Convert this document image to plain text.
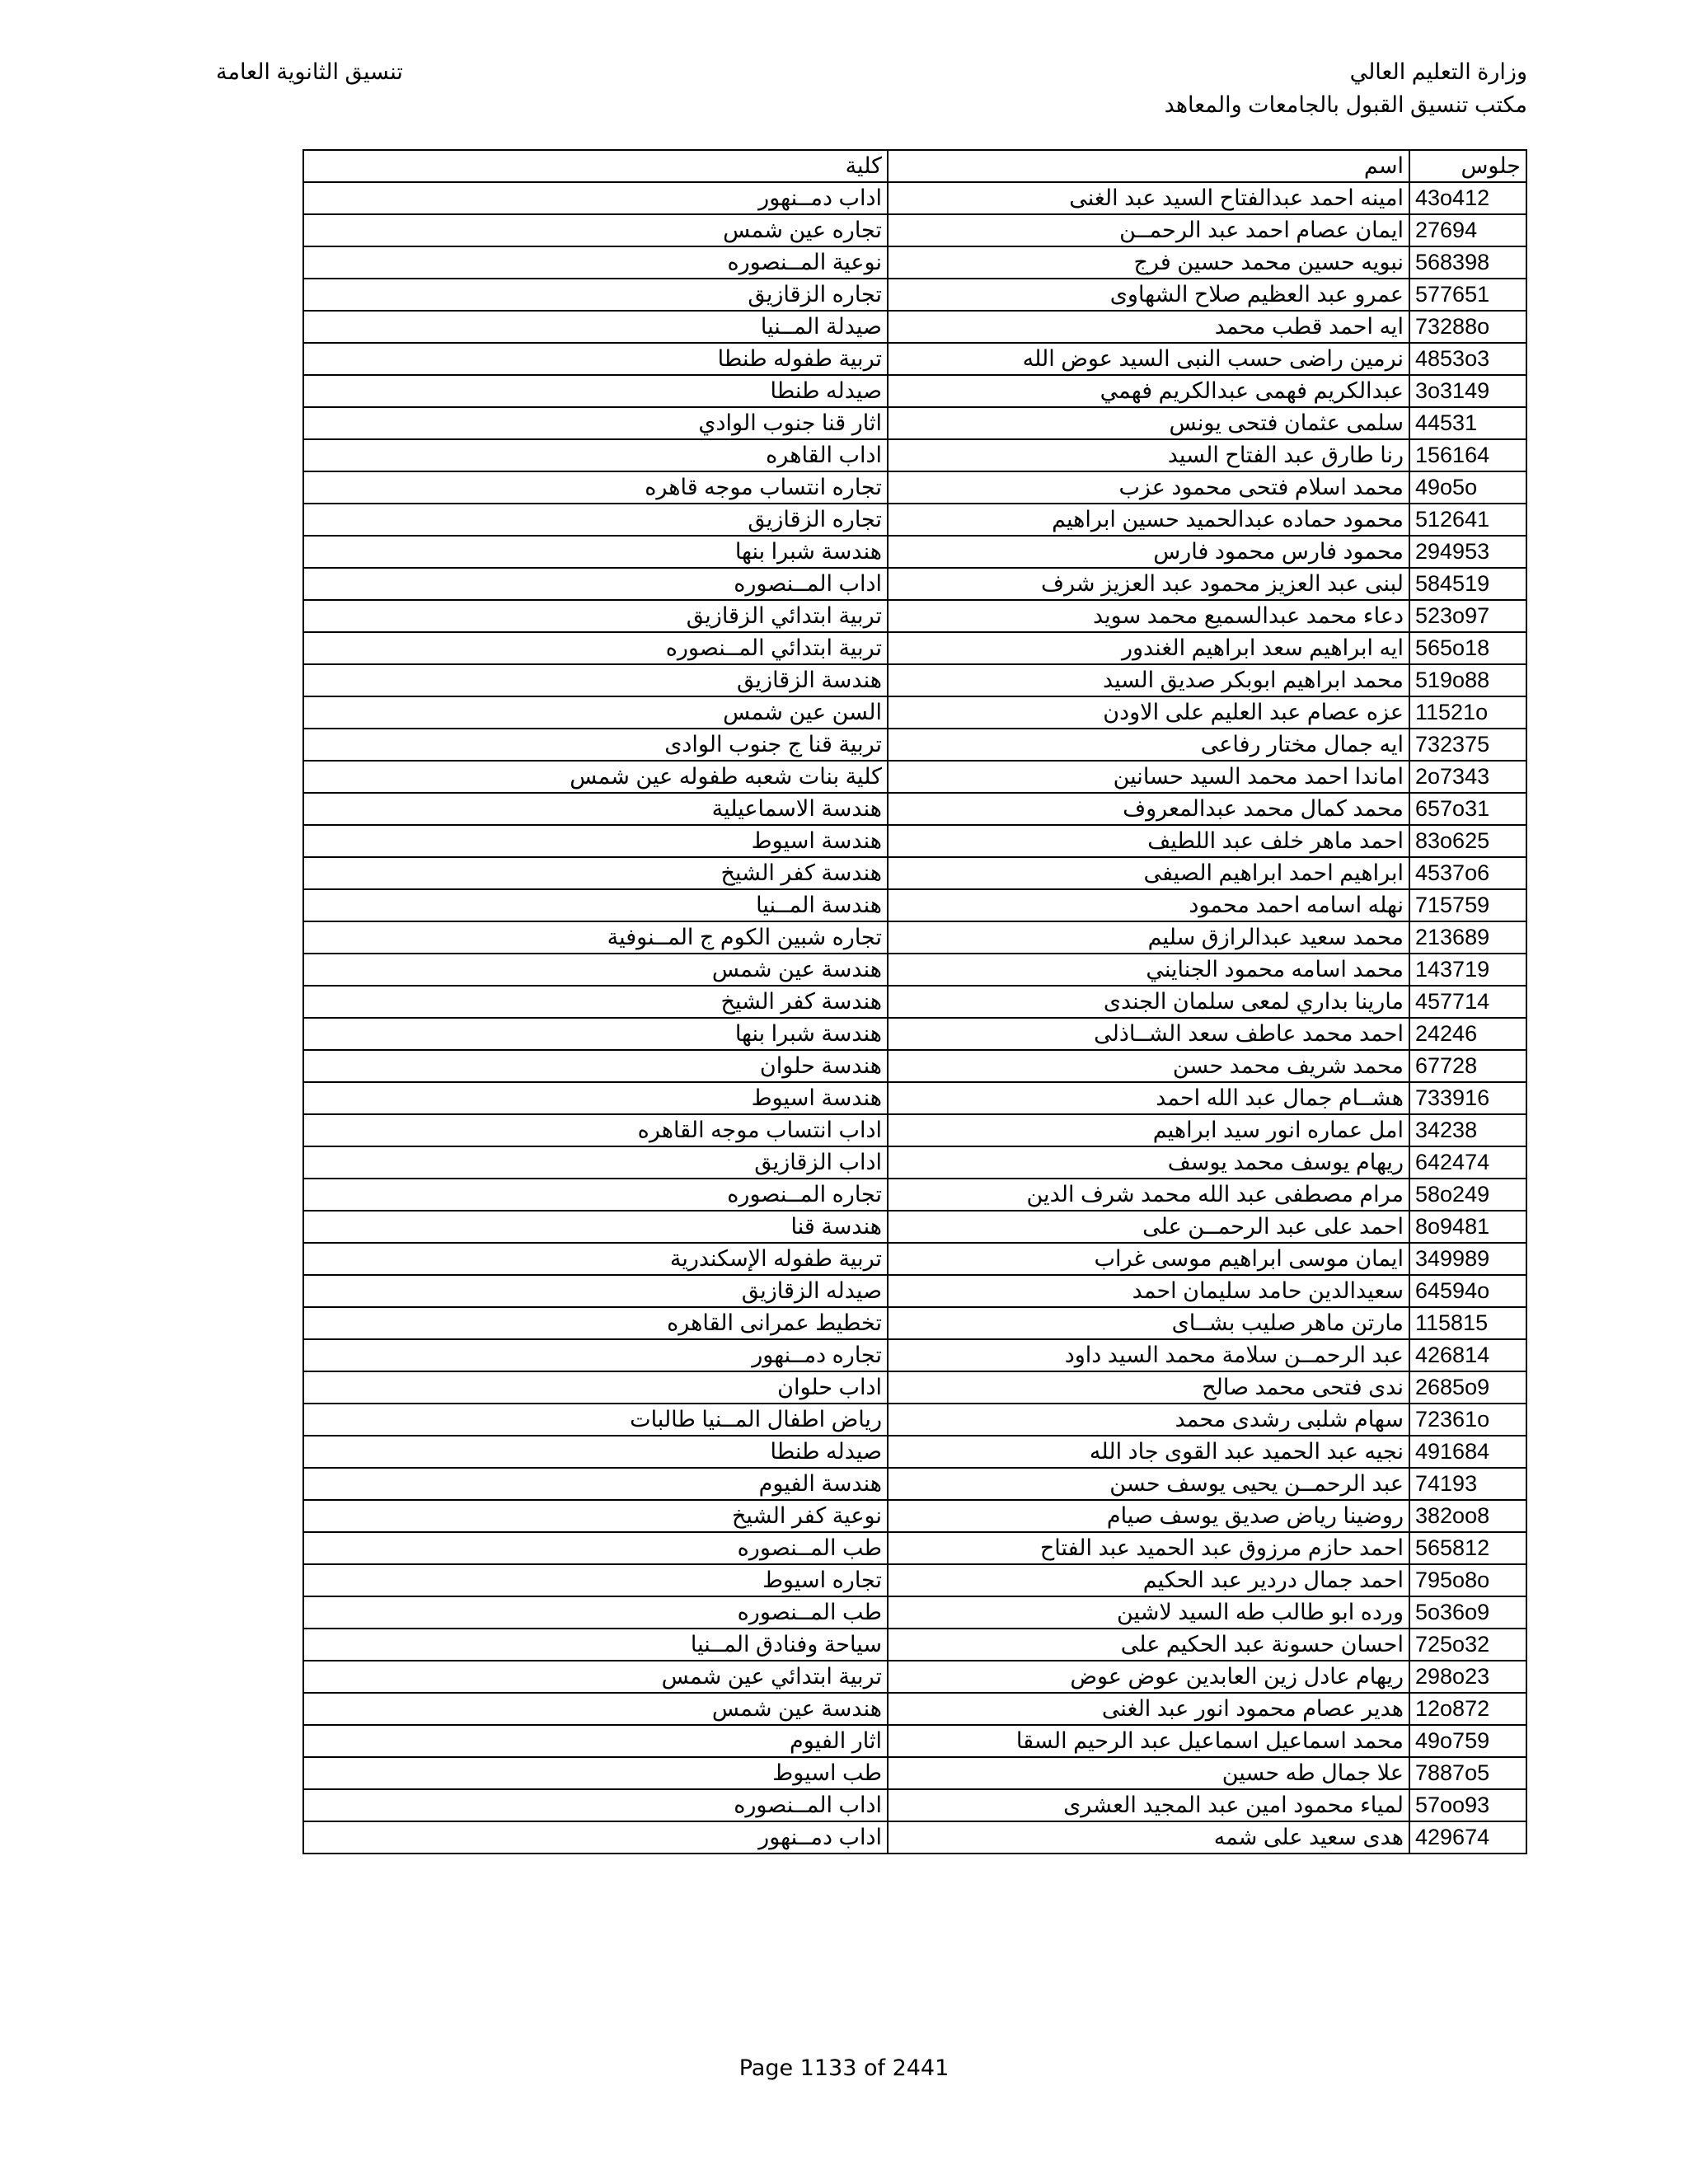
وزارة التعليم العالي
مكتب تنسيق القبول بالجامعات والمعاهد
تنسيق الثانوية العامة
كلية	اسم	جلوس
اداب دمــنهور	امينه احمد عبدالفتاح السيد عبد الغنى	43o412
تجاره عين شمس	ايمان عصام احمد عبد الرحمــن	27694
نوعية المــنصوره	نبويه حسين محمد حسين فرج	568398
تجاره الزقازيق	عمرو عبد العظيم صلاح الشهاوى	577651
صيدلة المــنيا	ايه احمد قطب محمد	73288o
تربية طفوله طنطا	نرمين راضى حسب النبى السيد عوض الله	4853o3
صيدله طنطا	عبدالكريم فهمى عبدالكريم فهمي	3o3149
اثار قنا جنوب الوادي	سلمى عثمان فتحى يونس	44531
اداب القاهره	رنا طارق عبد الفتاح السيد	156164
تجاره انتساب موجه قاهره	محمد اسلام فتحى محمود عزب	49o5o
تجاره الزقازيق	محمود حماده عبدالحميد حسين ابراهيم	512641
هندسة شبرا بنها	محمود فارس محمود فارس	294953
اداب المــنصوره	لبنى عبد العزيز محمود عبد العزيز شرف	584519
تربية ابتدائي الزقازيق	دعاء محمد عبدالسميع محمد سويد	523o97
تربية ابتدائي المــنصوره	ايه ابراهيم سعد ابراهيم الغندور	565o18
هندسة الزقازيق	محمد ابراهيم ابوبكر صديق السيد	519o88
السن عين شمس	عزه عصام عبد العليم على الاودن	11521o
تربية قنا ج جنوب الوادى	ايه جمال مختار رفاعى	732375
كلية بنات شعبه طفوله عين شمس	اماندا احمد محمد السيد حسانين	2o7343
هندسة الاسماعيلية	محمد كمال محمد عبدالمعروف	657o31
هندسة اسيوط	احمد ماهر خلف عبد اللطيف	83o625
هندسة كفر الشيخ	ابراهيم احمد ابراهيم الصيفى	4537o6
هندسة المــنيا	نهله اسامه احمد محمود	715759
تجاره شبين الكوم ج المــنوفية	محمد سعيد عبدالرازق سليم	213689
هندسة عين شمس	محمد اسامه محمود الجنايني	143719
هندسة كفر الشيخ	مارينا بداري لمعى سلمان الجندى	457714
هندسة شبرا بنها	احمد محمد عاطف سعد الشــاذلى	24246
هندسة حلوان	محمد شريف محمد حسن	67728
هندسة اسيوط	هشــام جمال عبد الله احمد	733916
اداب انتساب موجه القاهره	امل عماره انور سيد ابراهيم	34238
اداب الزقازيق	ريهام يوسف محمد يوسف	642474
تجاره المــنصوره	مرام مصطفى عبد الله محمد شرف الدين	58o249
هندسة قنا	احمد على عبد الرحمــن على	8o9481
تربية طفوله الإسكندرية	ايمان موسى ابراهيم موسى غراب	349989
صيدله الزقازيق	سعيدالدين حامد سليمان احمد	64594o
تخطيط عمرانى القاهره	مارتن ماهر صليب بشــاى	115815
تجاره دمــنهور	عبد الرحمــن سلامة محمد السيد داود	426814
اداب حلوان	ندى فتحى محمد صالح	2685o9
رياض اطفال المــنيا طالبات	سهام شلبى رشدى محمد	72361o
صيدله طنطا	نجيه عبد الحميد عبد القوى جاد الله	491684
هندسة الفيوم	عبد الرحمــن يحيى يوسف حسن	74193
نوعية كفر الشيخ	روضينا رياض صديق يوسف صيام	382oo8
طب المــنصوره	احمد حازم مرزوق عبد الحميد عبد الفتاح	565812
تجاره اسيوط	احمد جمال دردير عبد الحكيم	795o8o
طب المــنصوره	ورده ابو طالب طه السيد لاشين	5o36o9
سياحة وفنادق المــنيا	احسان حسونة عبد الحكيم على	725o32
تربية ابتدائي عين شمس	ريهام عادل زين العابدين عوض عوض	298o23
هندسة عين شمس	هدير عصام محمود انور عبد الغنى	12o872
اثار الفيوم	محمد اسماعيل اسماعيل عبد الرحيم السقا	49o759
طب اسيوط	علا جمال طه حسين	7887o5
اداب المــنصوره	لمياء محمود امين عبد المجيد العشرى	57oo93
اداب دمــنهور	هدى سعيد على شمه	429674
Page 1133 of 2441
